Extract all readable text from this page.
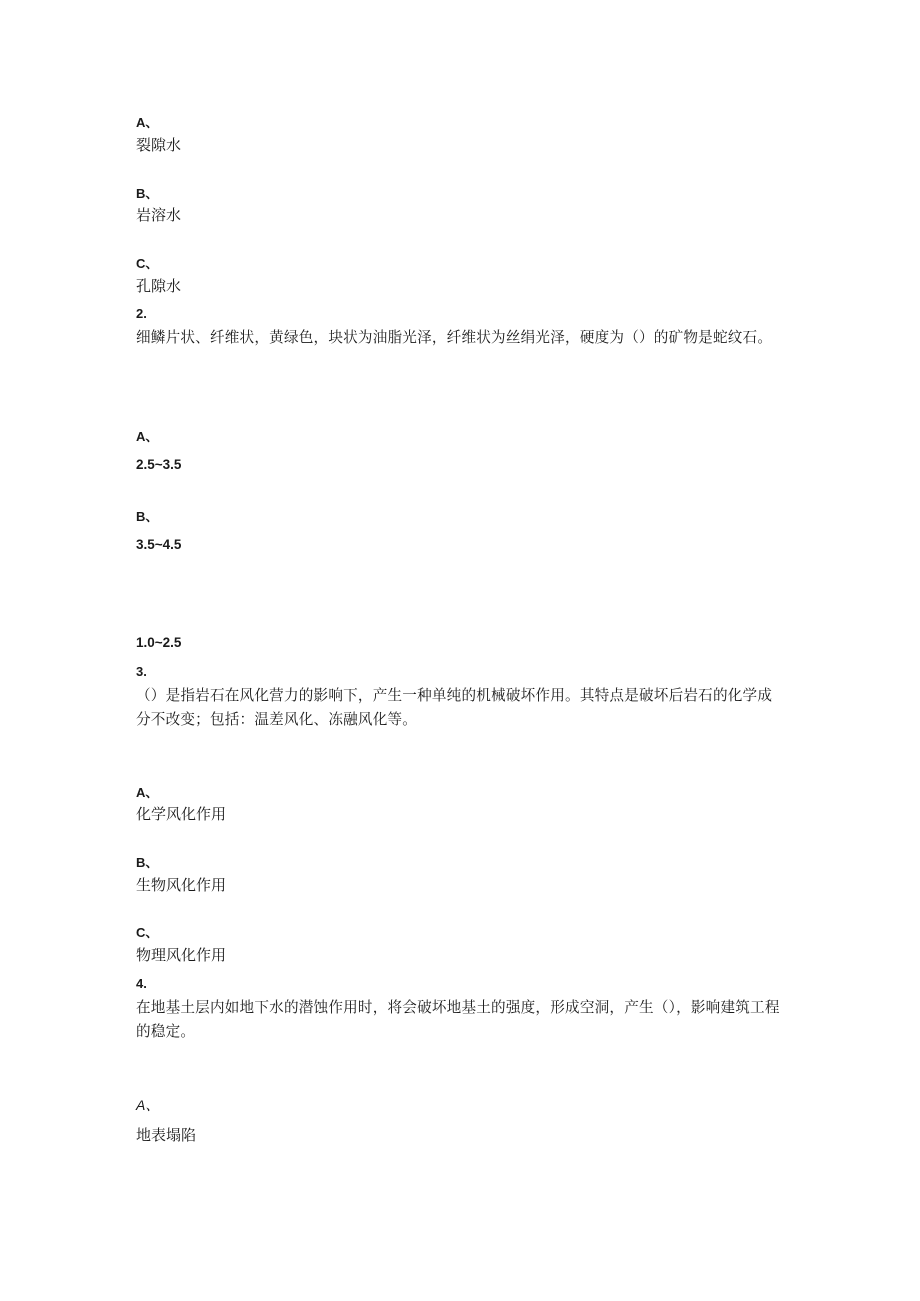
A、
裂隙水
B、
岩溶水
C、
孔隙水
2.
细鳞片状、纤维状，黄绿色，块状为油脂光泽，纤维状为丝绢光泽，硬度为（）的矿物是蛇纹石。
A、
2.5~3.5
B、
3.5~4.5
1.0~2.5
3.
（）是指岩石在风化营力的影响下，产生一种单纯的机械破坏作用。其特点是破坏后岩石的化学成分不改变；包括：温差风化、冻融风化等。
A、
化学风化作用
B、
生物风化作用
C、
物理风化作用
4.
在地基土层内如地下水的潜蚀作用时，将会破坏地基土的强度，形成空洞，产生（），影响建筑工程的稳定。
A、
地表塌陷
